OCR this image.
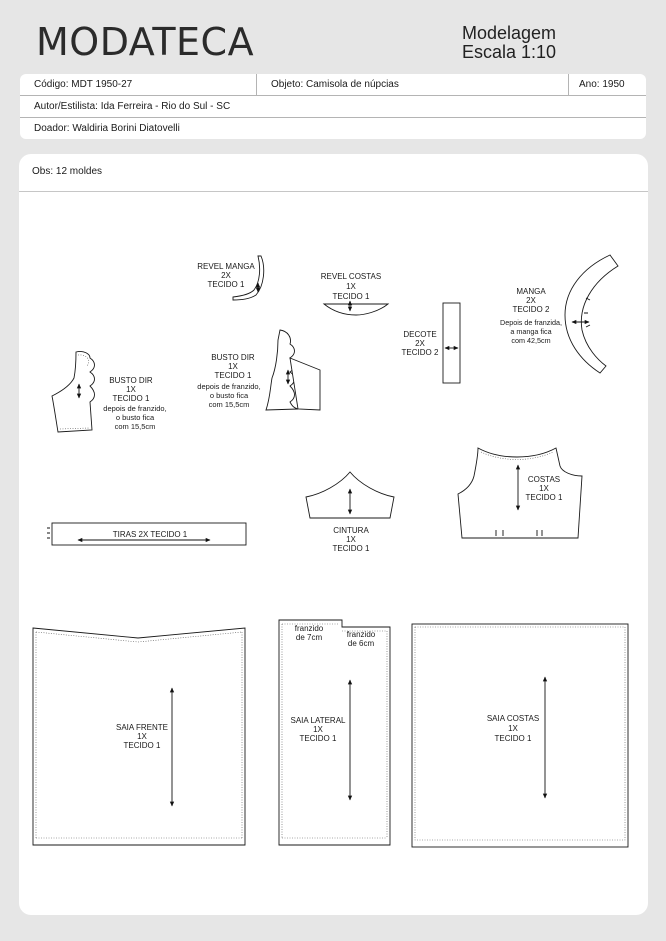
MODATECA	Modelagem
Escala 1:10
Código: MDT 1950-27	Objeto: Camisola de núpcias	Ano: 1950
Autor/Estilista: Ida Ferreira - Rio do Sul - SC
Doador: Waldiria Borini Diatovelli
Obs: 12 moldes
REVEL MANGA 2X TECIDO 1
REVEL COSTAS 1X TECIDO 1
DECOTE 2X TECIDO 2
MANGA 2X TECIDO 2
Depois de franzida, a manga fica com 42,5cm
BUSTO DIR 1X TECIDO 1
depois de franzido, o busto fica com 15,5cm
BUSTO DIR 1X TECIDO 1
depois de franzido, o busto fica com 15,5cm
COSTAS 1X TECIDO 1
TIRAS 2X TECIDO 1	CINTURA 1X TECIDO 1
SAIA FRENTE 1X TECIDO 1
franzido de 7cm	franzido de 6cm
SAIA LATERAL 1X TECIDO 1
SAIA COSTAS 1X TECIDO 1
